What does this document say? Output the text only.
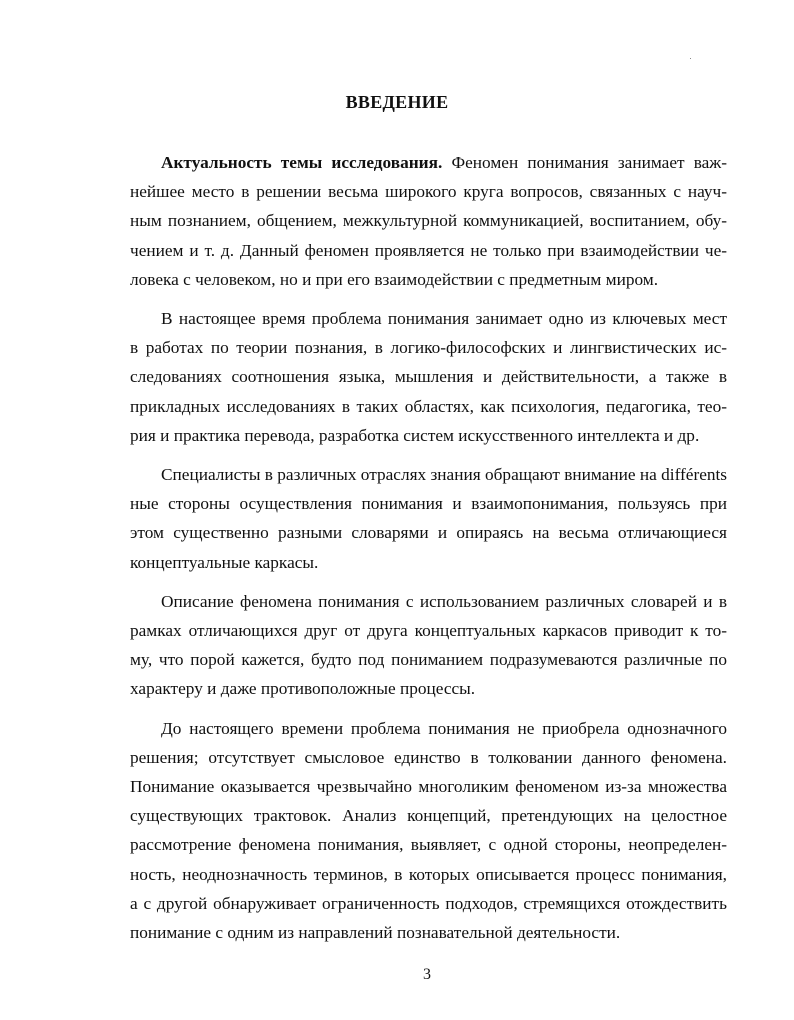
ВВЕДЕНИЕ
Актуальность темы исследования. Феномен понимания занимает важ-
нейшее место в решении весьма широкого круга вопросов, связанных с науч-
ным познанием, общением, межкультурной коммуникацией, воспитанием, обу-
чением и т. д. Данный феномен проявляется не только при взаимодействии че-
ловека с человеком, но и при его взаимодействии с предметным миром.
В настоящее время проблема понимания занимает одно из ключевых мест
в работах по теории познания, в логико-философских и лингвистических ис-
следованиях соотношения языка, мышления и действительности, а также в
прикладных исследованиях в таких областях, как психология, педагогика, тео-
рия и практика перевода, разработка систем искусственного интеллекта и др.
Специалисты в различных отраслях знания обращают внимание на différents
ные стороны осуществления понимания и взаимопонимания, пользуясь при
этом существенно разными словарями и опираясь на весьма отличающиеся
концептуальные каркасы.
Описание феномена понимания с использованием различных словарей и в
рамках отличающихся друг от друга концептуальных каркасов приводит к то-
му, что порой кажется, будто под пониманием подразумеваются различные по
характеру и даже противоположные процессы.
До настоящего времени проблема понимания не приобрела однозначного
решения; отсутствует смысловое единство в толковании данного феномена.
Понимание оказывается чрезвычайно многоликим феноменом из-за множества
существующих трактовок. Анализ концепций, претендующих на целостное
рассмотрение феномена понимания, выявляет, с одной стороны, неопределен-
ность, неоднозначность терминов, в которых описывается процесс понимания,
а с другой обнаруживает ограниченность подходов, стремящихся отождествить
понимание с одним из направлений познавательной деятельности.
3
